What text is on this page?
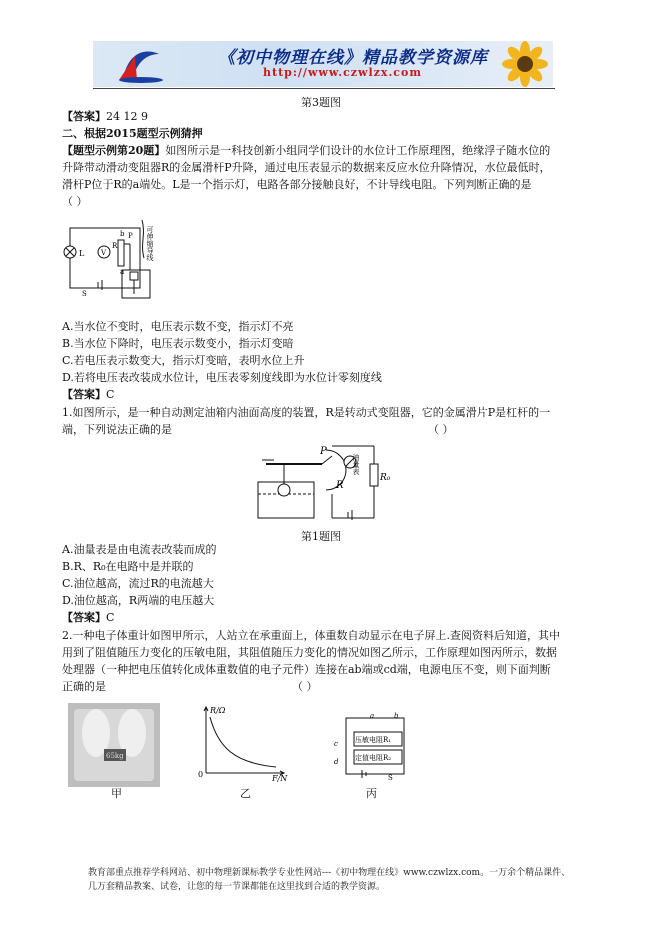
《初中物理在线》精品教学资源库
http://www.czwlzx.com
第3题图
【答案】24 12 9
二、根据2015题型示例猜押
【题型示例第20题】如图所示是一科技创新小组同学们设计的水位计工作原理图，绝缘浮子随水位的
升降带动滑动变阻器R的金属滑杆P升降，通过电压表显示的数据来反应水位升降情况，水位最低时，
滑杆P位于R的a端处。L是一个指示灯，电路各部分接触良好，不计导线电阻。下列判断正确的是
（ ）
L V
b
a
R
P
S
可伸缩导线
A.当水位不变时，电压表示数不变，指示灯不亮
B.当水位下降时，电压表示数变小，指示灯变暗
C.若电压表示数变大，指示灯变暗，表明水位上升
D.若将电压表改装成水位计，电压表零刻度线即为水位计零刻度线
【答案】C
1.如图所示，是一种自动测定油箱内油面高度的装置，R是转动式变阻器，它的金属滑片P是杠杆的一
端，下列说法正确的是	（ ）
P
R
R₀
油量表
第1题图
A.油量表是由电流表改装而成的
B.R、R₀在电路中是并联的
C.油位越高，流过R的电流越大
D.油位越高，R两端的电压越大
【答案】C
2.一种电子体重计如图甲所示，人站立在承重面上，体重数自动显示在电子屏上.查阅资料后知道，其中
用到了阻值随压力变化的压敏电阻，其阻值随压力变化的情况如图乙所示，工作原理如图丙所示，数据
处理器（一种把电压值转化成体重数值的电子元件）连接在ab端或cd端，电源电压不变，则下面判断
正确的是	（ ）
65kg
甲
R/Ω
F/N
0
乙
a	b
c
d
压敏电阻R₁
定值电阻R₂
S
丙
教育部重点推荐学科网站、初中物理新课标教学专业性网站---《初中物理在线》www.czwlzx.com。一万余个精品课件、
几万套精品教案、试卷，让您的每一节课都能在这里找到合适的教学资源。
